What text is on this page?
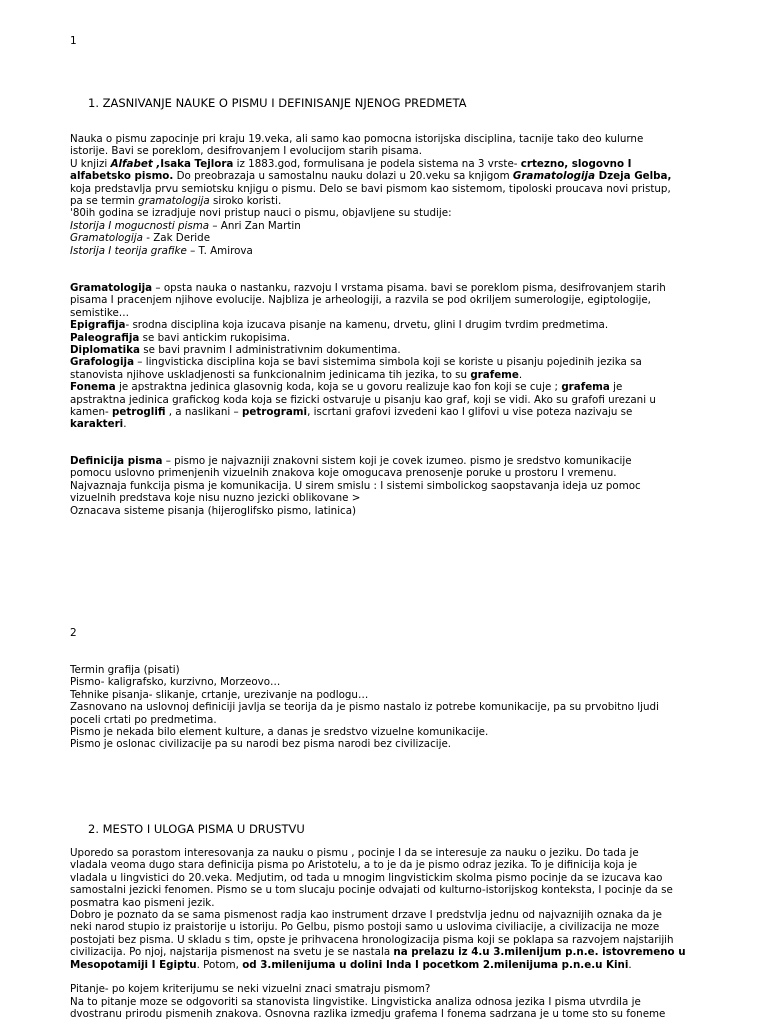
1
1. ZASNIVANJE NAUKE O PISMU I DEFINISANJE NJENOG PREDMETA

Nauka o pismu zapocinje pri kraju 19.veka, ali samo kao pomocna istorijska disciplina, tacnije tako deo kulurne

istorije. Bavi se poreklom, desifrovanjem I evolucijom starih pisama.

U knjizi Alfabet ,Isaka Tejlora iz 1883.god, formulisana je podela sistema na 3 vrste- crtezno, slogovno I

alfabetsko pismo. Do preobrazaja u samostalnu nauku dolazi u 20.veku sa knjigom Gramatologija Dzeja Gelba,

koja predstavlja prvu semiotsku knjigu o pismu. Delo se bavi pismom kao sistemom, tipoloski proucava novi pristup,

pa se termin gramatologija siroko koristi.

'80ih godina se izradjuje novi pristup nauci o pismu, objavljene su studije:

Istorija I mogucnosti pisma – Anri Zan Martin

Gramatologija - Zak Deride

Istorija I teorija grafike – T. Amirova

Gramatologija – opsta nauka o nastanku, razvoju I vrstama pisama. bavi se poreklom pisma, desifrovanjem starih

pisama I pracenjem njihove evolucije. Najbliza je arheologiji, a razvila se pod okriljem sumerologije, egiptologije,

semistike…

Epigrafija- srodna disciplina koja izucava pisanje na kamenu, drvetu, glini I drugim tvrdim predmetima.

Paleografija se bavi antickim rukopisima.

Diplomatika se bavi pravnim I administrativnim dokumentima.

Grafologija – lingvisticka disciplina koja se bavi sistemima simbola koji se koriste u pisanju pojedinih jezika sa

stanovista njihove uskladjenosti sa funkcionalnim jedinicama tih jezika, to su grafeme.

Fonema je apstraktna jedinica glasovnig koda, koja se u govoru realizuje kao fon koji se cuje ; grafema je

apstraktna jedinica grafickog koda koja se fizicki ostvaruje u pisanju kao graf, koji se vidi. Ako su grafofi urezani u

kamen- petroglifi , a naslikani – petrogrami, iscrtani grafovi izvedeni kao I glifovi u vise poteza nazivaju se

karakteri.

Definicija pisma – pismo je najvazniji znakovni sistem koji je covek izumeo. pismo je sredstvo komunikacije

pomocu uslovno primenjenih vizuelnih znakova koje omogucava prenosenje poruke u prostoru I vremenu.

Najvaznaja funkcija pisma je komunikacija. U sirem smislu : I sistemi simbolickog saopstavanja ideja uz pomoc

vizuelnih predstava koje nisu nuzno jezicki oblikovane >

Oznacava sisteme pisanja (hijeroglifsko pismo, latinica)

2

Termin grafija (pisati)

Pismo- kaligrafsko, kurzivno, Morzeovo…

Tehnike pisanja- slikanje, crtanje, urezivanje na podlogu…

Zasnovano na uslovnoj definiciji javlja se teorija da je pismo nastalo iz potrebe komunikacije, pa su prvobitno ljudi

poceli crtati po predmetima.

Pismo je nekada bilo element kulture, a danas je sredstvo vizuelne komunikacije.

Pismo je oslonac civilizacije pa su narodi bez pisma narodi bez civilizacije.

2. MESTO I ULOGA PISMA U DRUSTVU

Uporedo sa porastom interesovanja za nauku o pismu , pocinje I da se interesuje za nauku o jeziku. Do tada je

vladala veoma dugo stara definicija pisma po Aristotelu, a to je da je pismo odraz jezika. To je difinicija koja je

vladala u lingvistici do 20.veka. Medjutim, od tada u mnogim lingvistickim skolma pismo pocinje da se izucava kao

samostalni jezicki fenomen. Pismo se u tom slucaju pocinje odvajati od kulturno-istorijskog konteksta, I pocinje da se

posmatra kao pismeni jezik.

Dobro je poznato da se sama pismenost radja kao instrument drzave I predstvlja jednu od najvaznijih oznaka da je

neki narod stupio iz praistorije u istoriju. Po Gelbu, pismo postoji samo u uslovima civiliacije, a civilizacija ne moze

postojati bez pisma. U skladu s tim, opste je prihvacena hronologizacija pisma koji se poklapa sa razvojem najstarijih

civilizacija. Po njoj, najstarija pismenost na svetu je se nastala na prelazu iz 4.u 3.milenijum p.n.e. istovremeno u

Mesopotamiji I Egiptu. Potom, od 3.milenijuma u dolini Inda I pocetkom 2.milenijuma p.n.e.u Kini.

Pitanje- po kojem kriterijumu se neki vizuelni znaci smatraju pismom?

Na to pitanje moze se odgovoriti sa stanovista lingvistike. Lingvisticka analiza odnosa jezika I pisma utvrdila je

dvostranu prirodu pismenih znakova. Osnovna razlika izmedju grafema I fonema sadrzana je u tome sto su foneme
